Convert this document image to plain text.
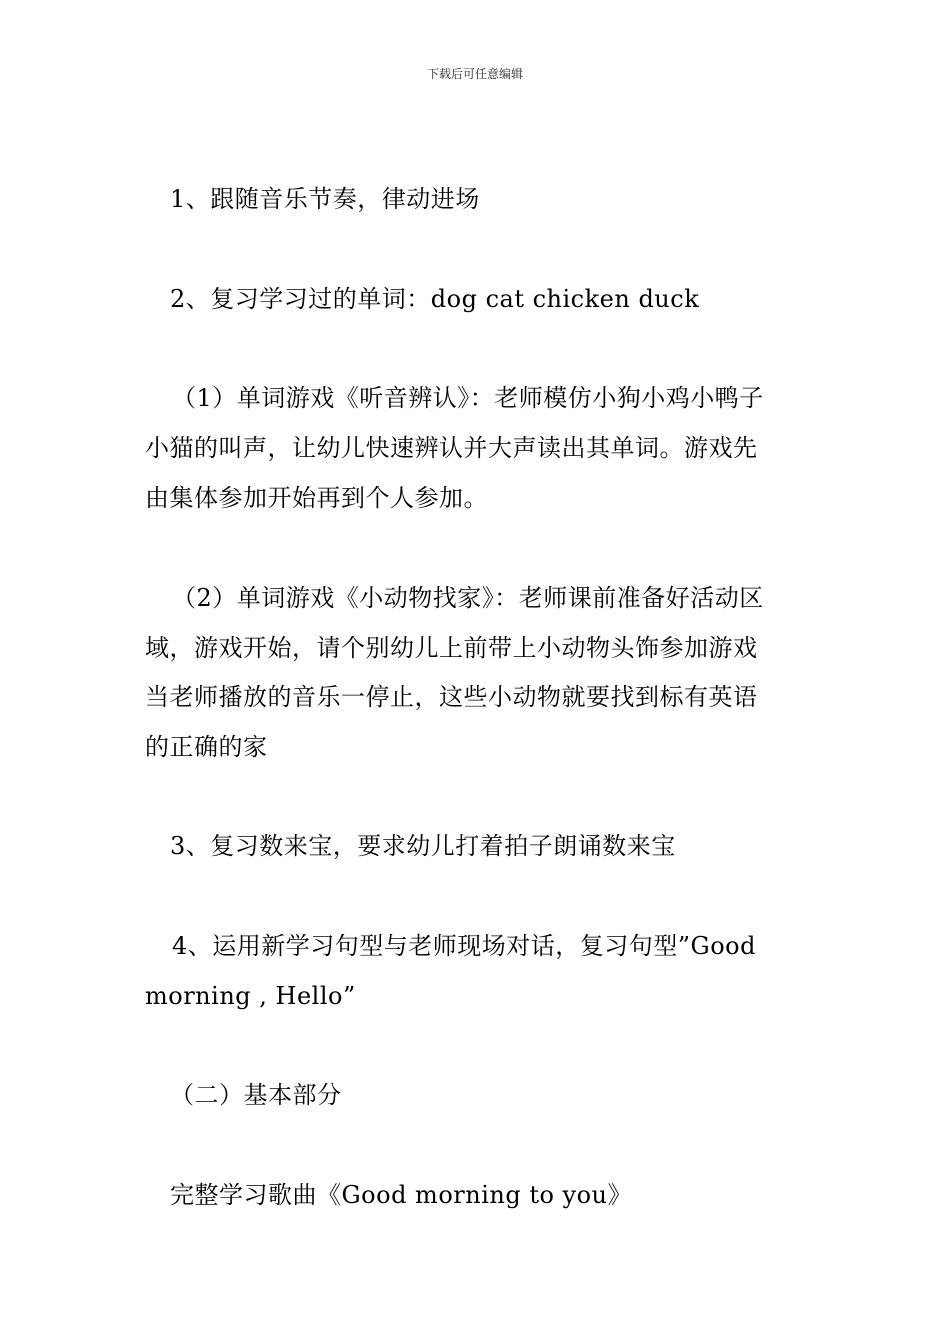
下载后可任意编辑
1、跟随音乐节奏，律动进场
2、复习学习过的单词：dog cat chicken duck
（1）单词游戏《听音辨认》：老师模仿小狗小鸡小鸭子
小猫的叫声，让幼儿快速辨认并大声读出其单词。游戏先
由集体参加开始再到个人参加。
（2）单词游戏《小动物找家》：老师课前准备好活动区
域，游戏开始，请个别幼儿上前带上小动物头饰参加游戏
当老师播放的音乐一停止，这些小动物就要找到标有英语
的正确的家
3、复习数来宝，要求幼儿打着拍子朗诵数来宝
4、运用新学习句型与老师现场对话，复习句型”Good
morning , Hello”
（二）基本部分
完整学习歌曲《Good morning to you》
